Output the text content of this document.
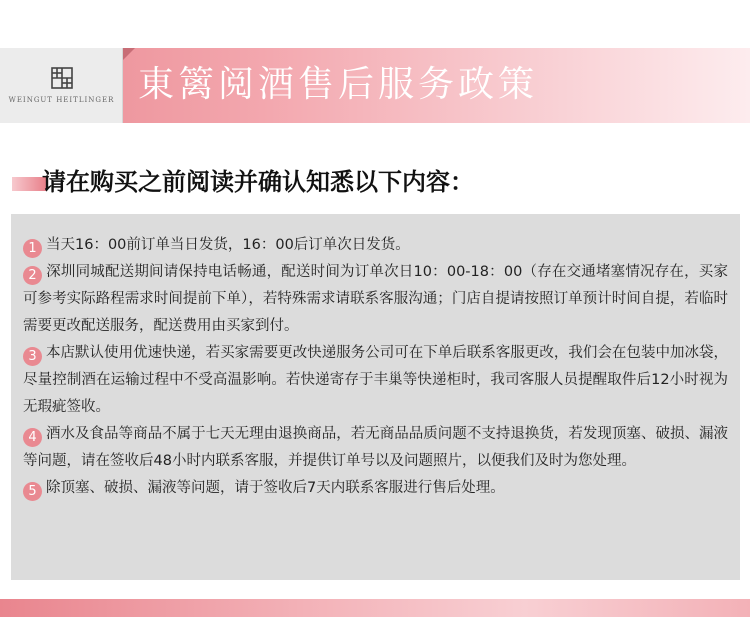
WEINGUT HEITLINGER 東篱阅酒售后服务政策
请在购买之前阅读并确认知悉以下内容：

1 当天16：00前订单当日发货，16：00后订单次日发货。

2 深圳同城配送期间请保持电话畅通，配送时间为订单次日10：00-18：00（存在交通堵塞情况存在，买家可参考实际路程需求时间提前下单），若特殊需求请联系客服沟通；门店自提请按照订单预计时间自提，若临时需要更改配送服务，配送费用由买家到付。

3 本店默认使用优速快递，若买家需要更改快递服务公司可在下单后联系客服更改，我们会在包装中加冰袋，尽量控制酒在运输过程中不受高温影响。若快递寄存于丰巢等快递柜时，我司客服人员提醒取件后12小时视为无瑕疵签收。

4 酒水及食品等商品不属于七天无理由退换商品，若无商品品质问题不支持退换货，若发现顶塞、破损、漏液等问题，请在签收后48小时内联系客服，并提供订单号以及问题照片，以便我们及时为您处理。

5 除顶塞、破损、漏液等问题，请于签收后7天内联系客服进行售后处理。
